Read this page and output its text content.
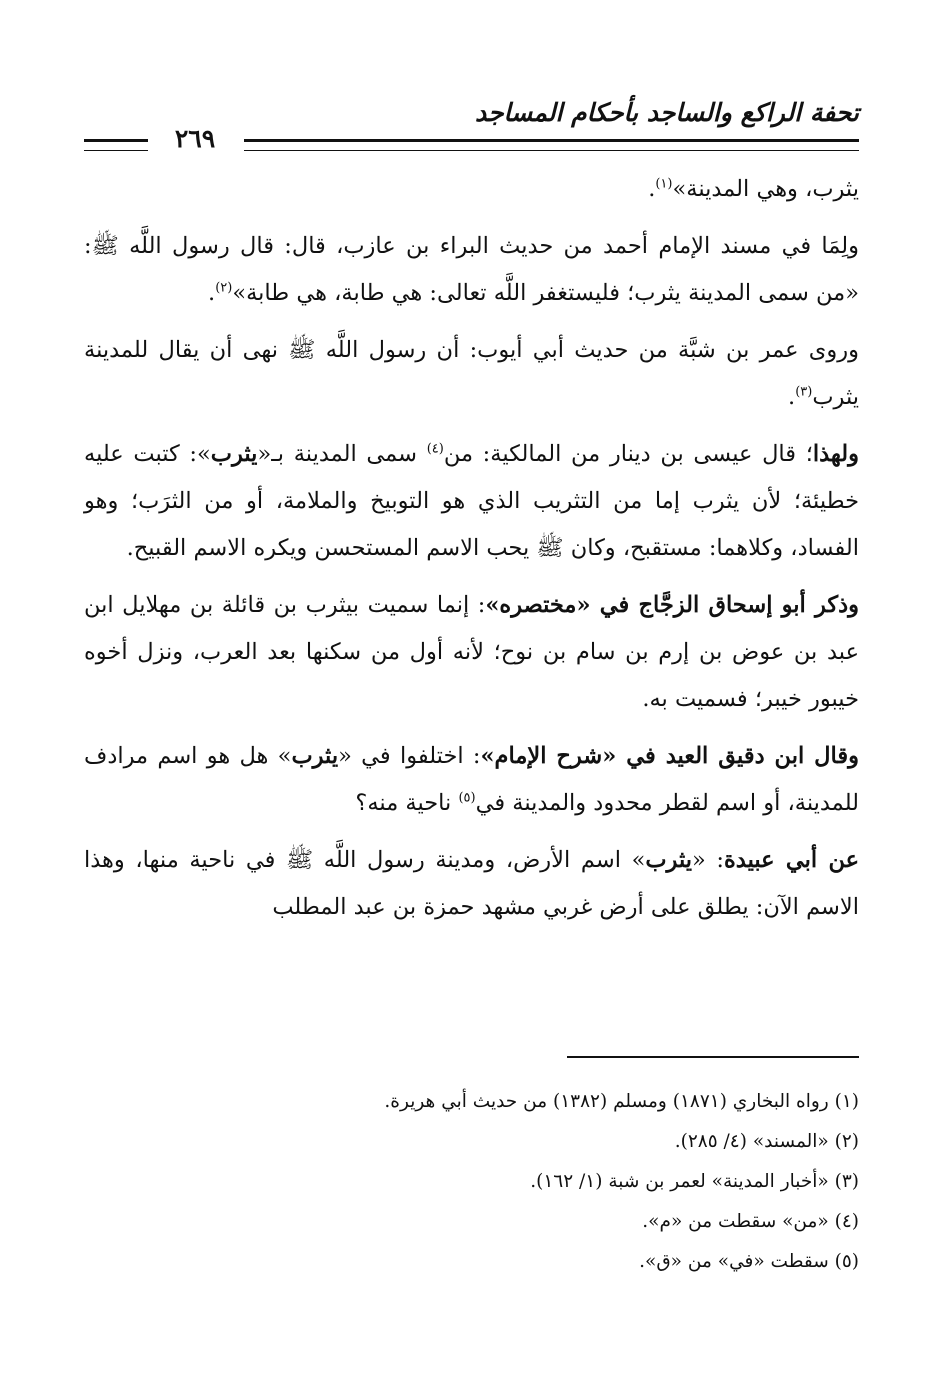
تحفة الراكع والساجد بأحكام المساجد
٢٦٩

يثرب، وهي المدينة»$^{(١)}$.

ولِمَا في مسند الإمام أحمد من حديث البراء بن عازب، قال: قال رسول اللَّه ﷺ: «من سمى المدينة يثرب؛ فليستغفر اللَّه تعالى: هي طابة، هي طابة»$^{(٢)}$.

وروى عمر بن شبَّة من حديث أبي أيوب: أن رسول اللَّه ﷺ نهى أن يقال للمدينة يثرب$^{(٣)}$.

ولهذا؛ قال عيسى بن دينار من المالكية: من$^{(٤)}$ سمى المدينة بـ«يثرب»: كتبت عليه خطيئة؛ لأن يثرب إما من التثريب الذي هو التوبيخ والملامة، أو من الثرَب؛ وهو الفساد، وكلاهما: مستقبح، وكان ﷺ يحب الاسم المستحسن ويكره الاسم القبيح.

وذكر أبو إسحاق الزجَّاج في «مختصره»: إنما سميت بيثرب بن قائلة بن مهلايل ابن عبد بن عوض بن إرم بن سام بن نوح؛ لأنه أول من سكنها بعد العرب، ونزل أخوه خيبور خيبر؛ فسميت به.

وقال ابن دقيق العيد في «شرح الإمام»: اختلفوا في «يثرب» هل هو اسم مرادف للمدينة، أو اسم لقطر محدود والمدينة في$^{(٥)}$ ناحية منه؟

عن أبي عبيدة: «يثرب» اسم الأرض، ومدينة رسول اللَّه ﷺ في ناحية منها، وهذا الاسم الآن: يطلق على أرض غربي مشهد حمزة بن عبد المطلب

(١) رواه البخاري (١٨٧١) ومسلم (١٣٨٢) من حديث أبي هريرة.
(٢) «المسند» (٤/ ٢٨٥).
(٣) «أخبار المدينة» لعمر بن شبة (١/ ١٦٢).
(٤) «من» سقطت من «م».
(٥) سقطت «في» من «ق».
